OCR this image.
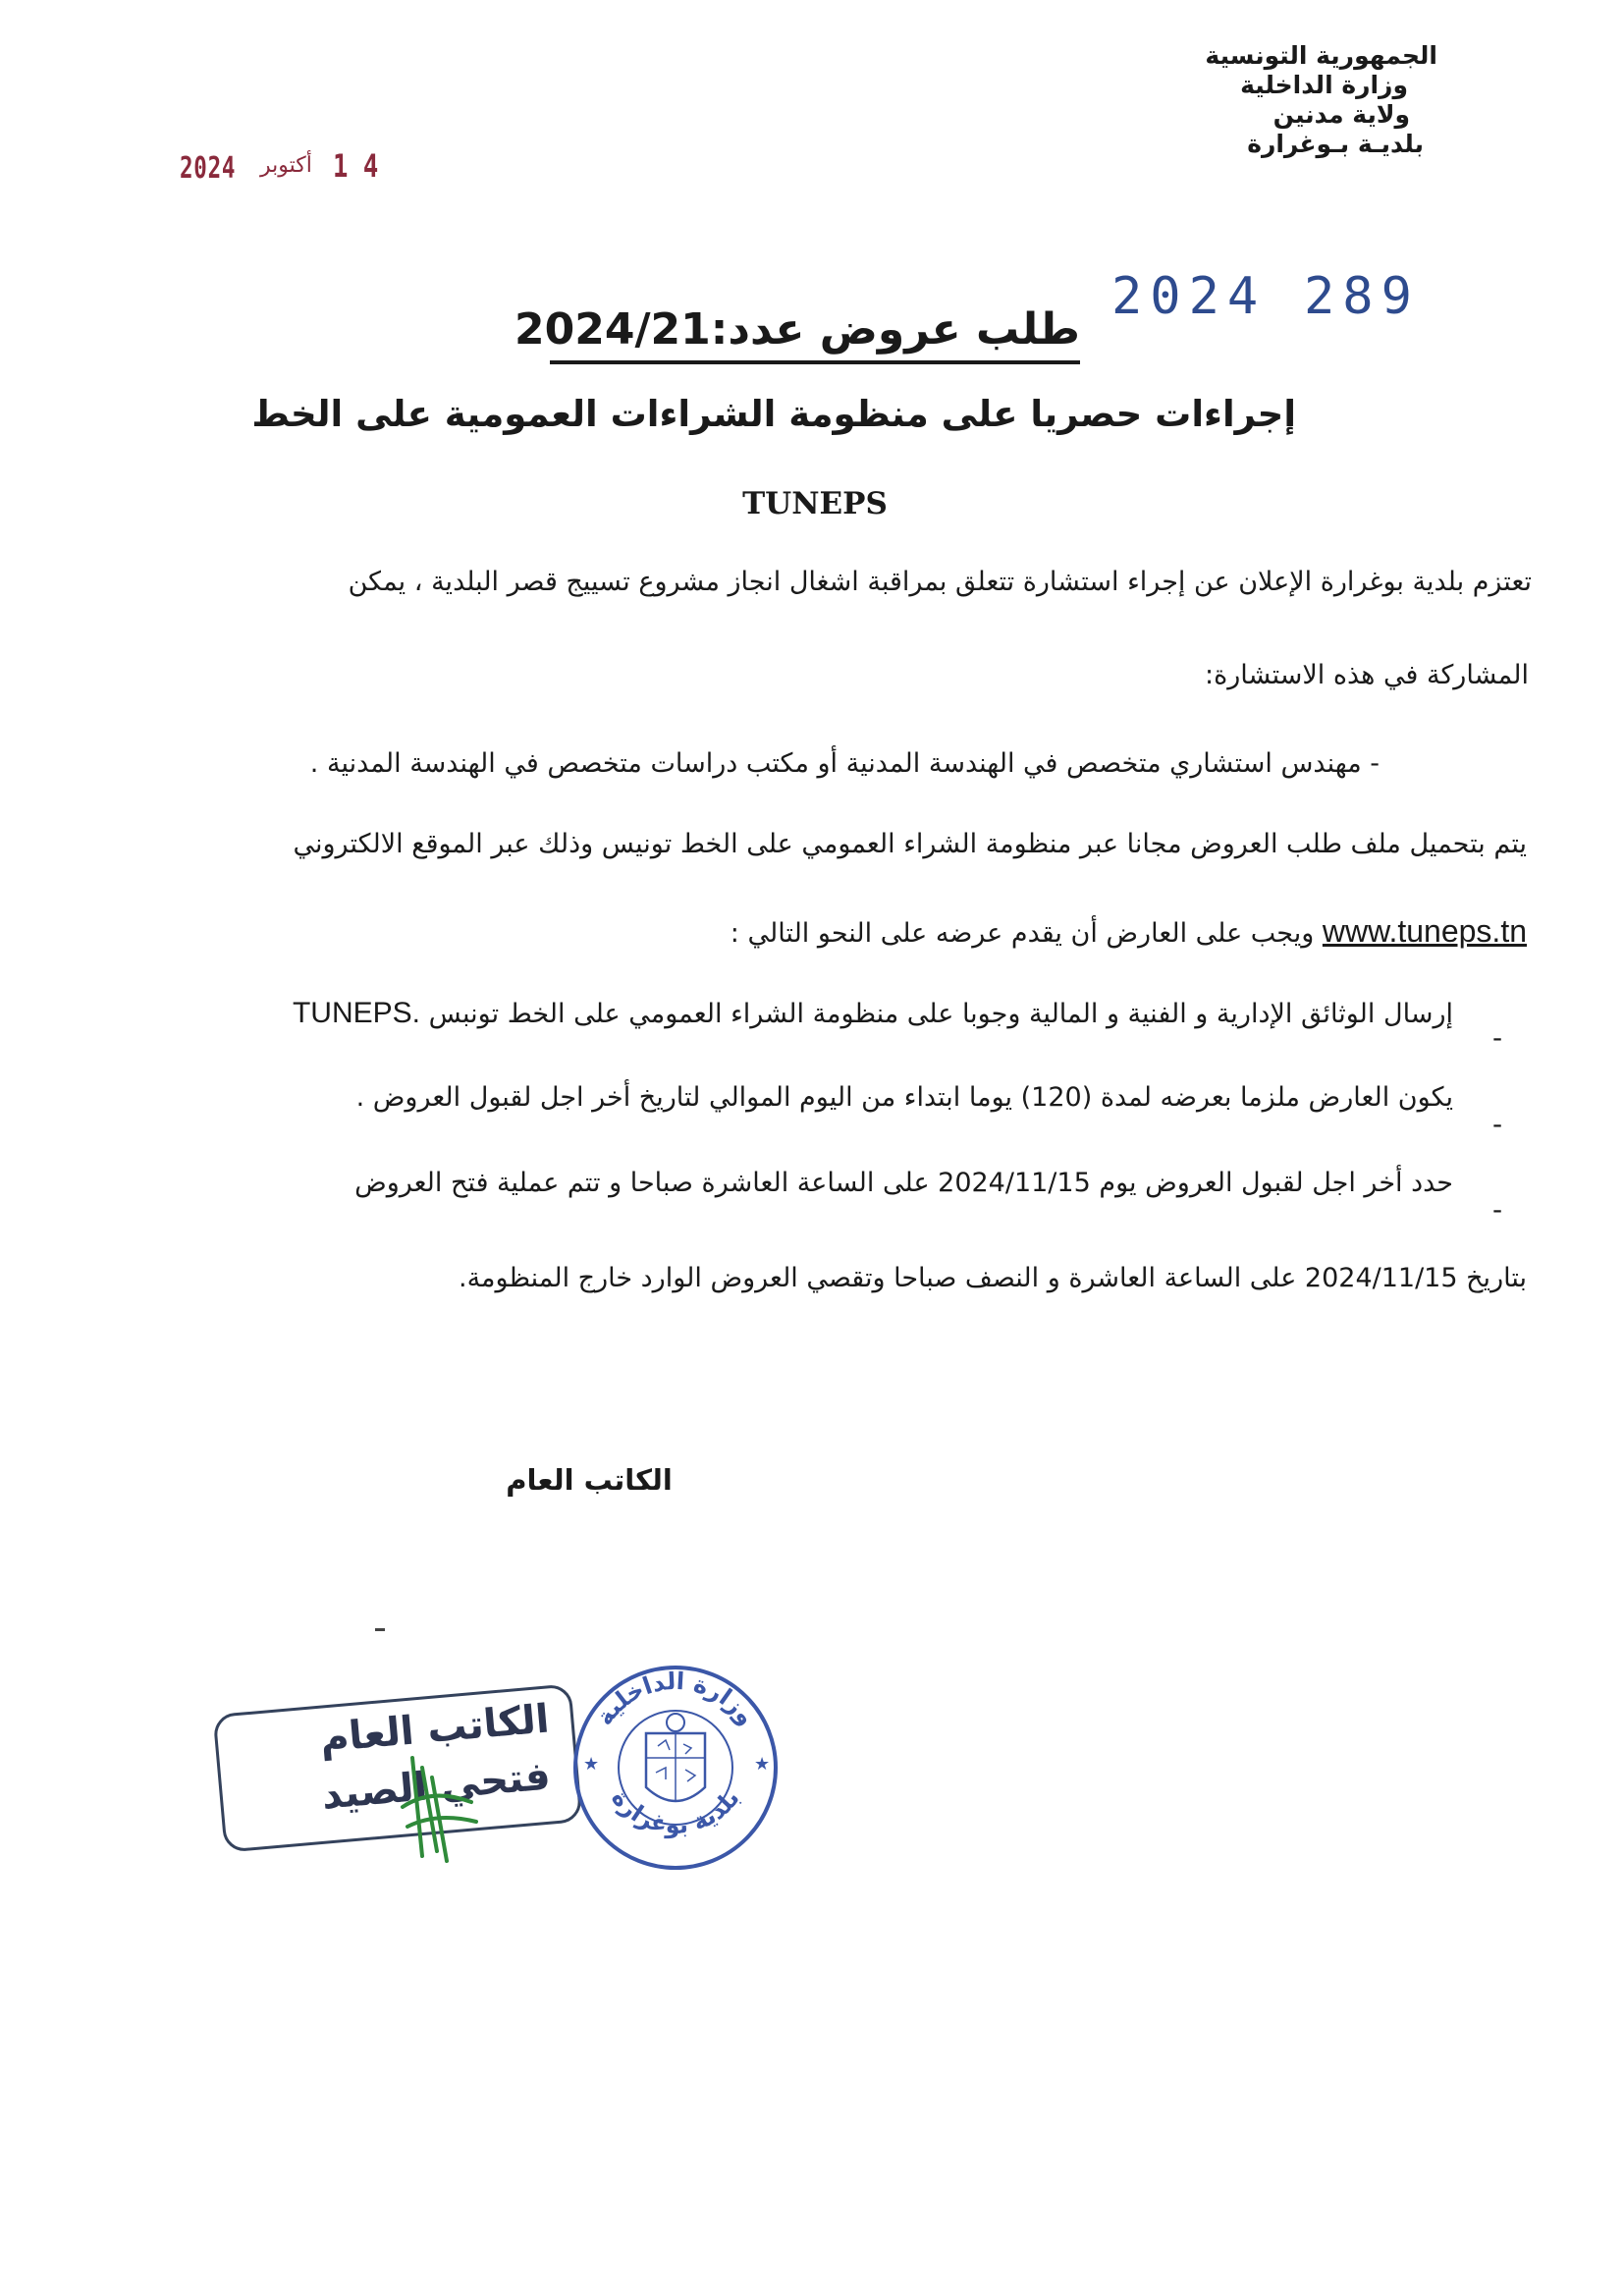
الجمهورية التونسية
وزارة الداخلية
ولاية مدنين
بلديـة بـوغرارة
2024 أكتوبر 1 4
2024 289
طلب عروض عدد:2024/21
إجراءات حصريا على منظومة الشراءات العمومية على الخط
TUNEPS
تعتزم بلدية بوغرارة الإعلان عن إجراء استشارة تتعلق بمراقبة اشغال انجاز مشروع تسييج قصر البلدية ، يمكن
المشاركة في هذه الاستشارة:
- مهندس استشاري متخصص في الهندسة المدنية أو مكتب دراسات متخصص في الهندسة المدنية .
يتم بتحميل ملف طلب العروض مجانا عبر منظومة الشراء العمومي على الخط تونيس وذلك عبر الموقع الالكتروني
www.tuneps.tn ويجب على العارض أن يقدم عرضه على النحو التالي :
إرسال الوثائق الإدارية و الفنية و المالية وجوبا على منظومة الشراء العمومي على الخط تونبس TUNEPS.
يكون العارض ملزما بعرضه لمدة (120) يوما ابتداء من اليوم الموالي لتاريخ أخر اجل لقبول العروض .
حدد أخر اجل لقبول العروض يوم 2024/11/15 على الساعة العاشرة صباحا و تتم عملية فتح العروض
بتاريخ 2024/11/15 على الساعة العاشرة و النصف صباحا وتقصي العروض الوارد خارج المنظومة.
-
-
-
الكاتب العام
الكاتب العام
فتحي الصيد
وزارة الداخلية
بلدية بوغرارة
★	★
